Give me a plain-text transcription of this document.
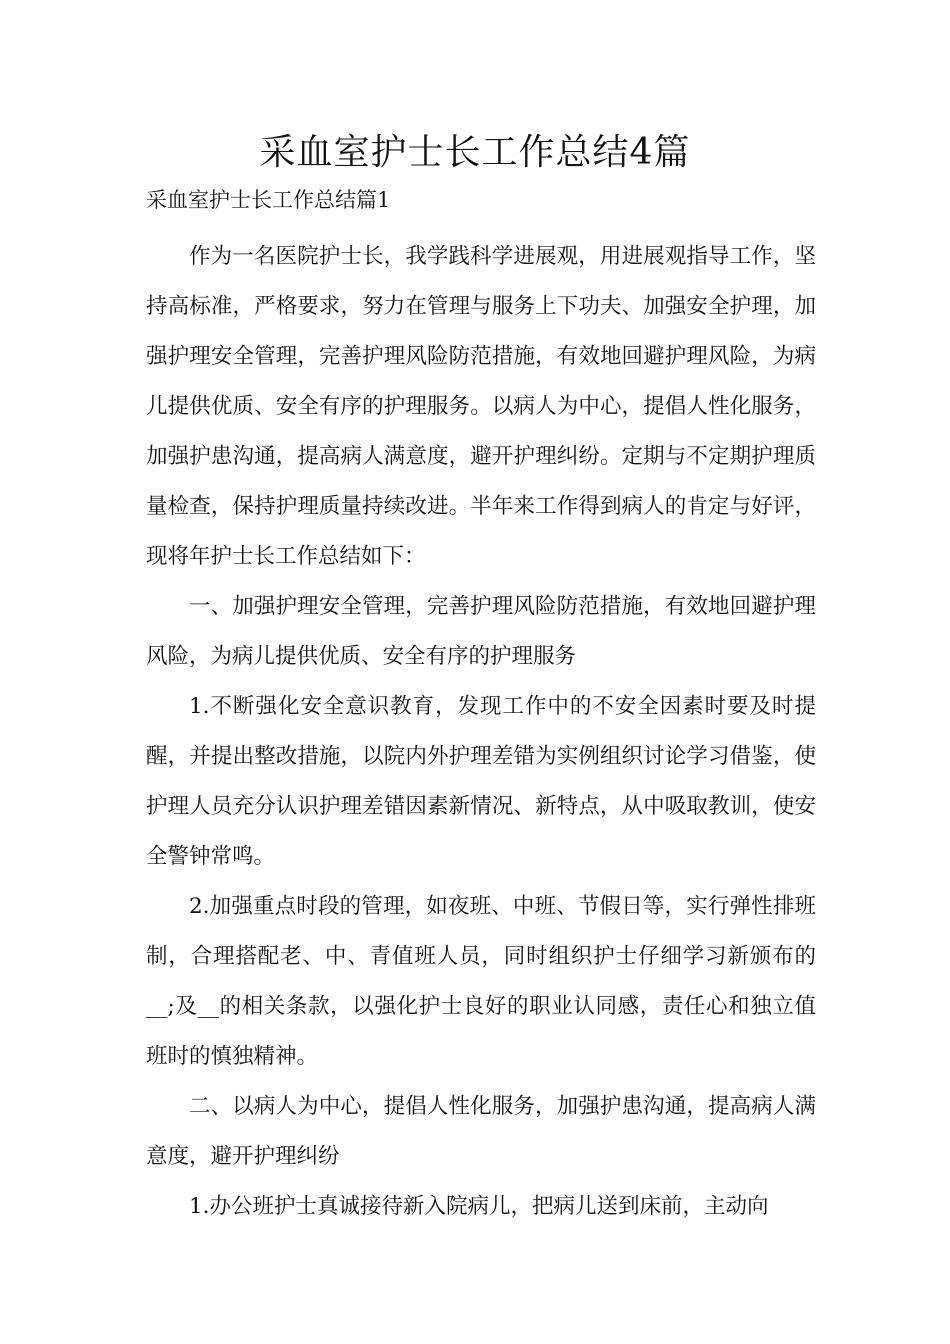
采血室护士长工作总结4篇
采血室护士长工作总结篇1

作为一名医院护士长，我学践科学进展观，用进展观指导工作，坚持高标准，严格要求，努力在管理与服务上下功夫、加强安全护理，加强护理安全管理，完善护理风险防范措施，有效地回避护理风险，为病儿提供优质、安全有序的护理服务。以病人为中心，提倡人性化服务，加强护患沟通，提高病人满意度，避开护理纠纷。定期与不定期护理质量检查，保持护理质量持续改进。半年来工作得到病人的肯定与好评，现将年护士长工作总结如下：

一、加强护理安全管理，完善护理风险防范措施，有效地回避护理风险，为病儿提供优质、安全有序的护理服务

1.不断强化安全意识教育，发现工作中的不安全因素时要及时提醒，并提出整改措施，以院内外护理差错为实例组织讨论学习借鉴，使护理人员充分认识护理差错因素新情况、新特点，从中吸取教训，使安全警钟常鸣。

2.加强重点时段的管理，如夜班、中班、节假日等，实行弹性排班制，合理搭配老、中、青值班人员，同时组织护士仔细学习新颁布的__;及__的相关条款，以强化护士良好的职业认同感，责任心和独立值班时的慎独精神。

二、以病人为中心，提倡人性化服务，加强护患沟通，提高病人满意度，避开护理纠纷

1.办公班护士真诚接待新入院病儿，把病儿送到床前，主动向
